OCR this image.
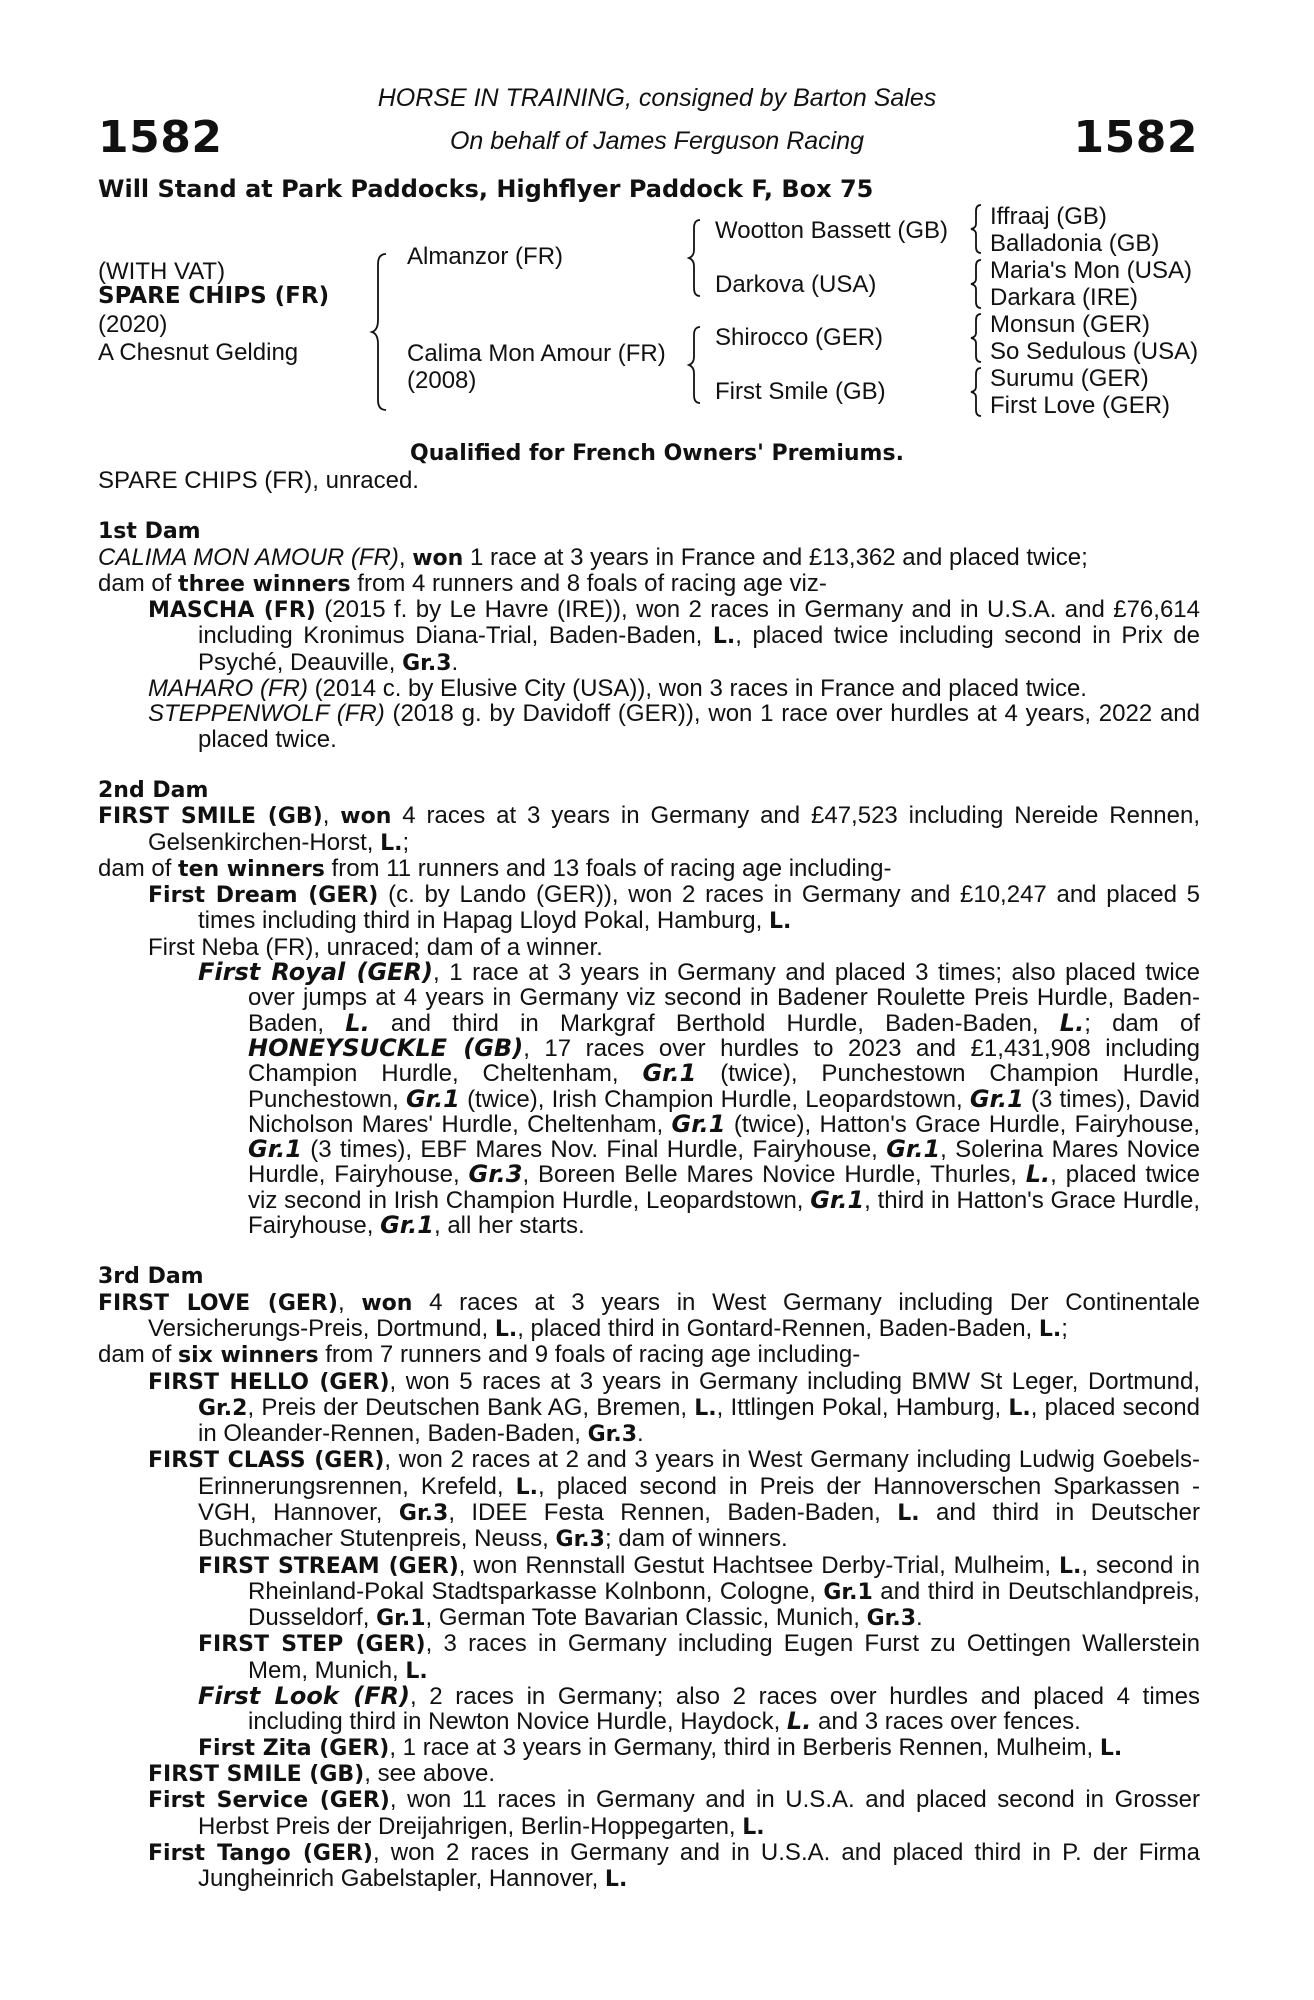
1582	1582
HORSE IN TRAINING, consigned by Barton Sales
On behalf of James Ferguson Racing
Will Stand at Park Paddocks, Highflyer Paddock F, Box 75
(WITH VAT)
SPARE CHIPS (FR)
(2020)
A Chesnut Gelding
Almanzor (FR)
Calima Mon Amour (FR)
(2008)
Wootton Bassett (GB)
Darkova (USA)
Shirocco (GER)
First Smile (GB)
Iffraaj (GB)
Balladonia (GB)
Maria's Mon (USA)
Darkara (IRE)
Monsun (GER)
So Sedulous (USA)
Surumu (GER)
First Love (GER)
Qualified for French Owners' Premiums.

SPARE CHIPS (FR), unraced.

1st Dam

CALIMA MON AMOUR (FR), won 1 race at 3 years in France and £13,362 and placed twice;

dam of three winners from 4 runners and 8 foals of racing age viz-

MASCHA (FR) (2015 f. by Le Havre (IRE)), won 2 races in Germany and in U.S.A. and £76,614 including Kronimus Diana-Trial, Baden-Baden, L., placed twice including second in Prix de Psyché, Deauville, Gr.3.

MAHARO (FR) (2014 c. by Elusive City (USA)), won 3 races in France and placed twice.

STEPPENWOLF (FR) (2018 g. by Davidoff (GER)), won 1 race over hurdles at 4 years, 2022 and placed twice.

2nd Dam

FIRST SMILE (GB), won 4 races at 3 years in Germany and £47,523 including Nereide Rennen, Gelsenkirchen-Horst, L.;

dam of ten winners from 11 runners and 13 foals of racing age including-

First Dream (GER) (c. by Lando (GER)), won 2 races in Germany and £10,247 and placed 5 times including third in Hapag Lloyd Pokal, Hamburg, L.

First Neba (FR), unraced; dam of a winner.

First Royal (GER), 1 race at 3 years in Germany and placed 3 times; also placed twice over jumps at 4 years in Germany viz second in Badener Roulette Preis Hurdle, Baden-Baden, L. and third in Markgraf Berthold Hurdle, Baden-Baden, L.; dam of HONEYSUCKLE (GB), 17 races over hurdles to 2023 and £1,431,908 including Champion Hurdle, Cheltenham, Gr.1 (twice), Punchestown Champion Hurdle, Punchestown, Gr.1 (twice), Irish Champion Hurdle, Leopardstown, Gr.1 (3 times), David Nicholson Mares' Hurdle, Cheltenham, Gr.1 (twice), Hatton's Grace Hurdle, Fairyhouse, Gr.1 (3 times), EBF Mares Nov. Final Hurdle, Fairyhouse, Gr.1, Solerina Mares Novice Hurdle, Fairyhouse, Gr.3, Boreen Belle Mares Novice Hurdle, Thurles, L., placed twice viz second in Irish Champion Hurdle, Leopardstown, Gr.1, third in Hatton's Grace Hurdle, Fairyhouse, Gr.1, all her starts.

3rd Dam

FIRST LOVE (GER), won 4 races at 3 years in West Germany including Der Continentale Versicherungs-Preis, Dortmund, L., placed third in Gontard-Rennen, Baden-Baden, L.;

dam of six winners from 7 runners and 9 foals of racing age including-

FIRST HELLO (GER), won 5 races at 3 years in Germany including BMW St Leger, Dortmund, Gr.2, Preis der Deutschen Bank AG, Bremen, L., Ittlingen Pokal, Hamburg, L., placed second in Oleander-Rennen, Baden-Baden, Gr.3.

FIRST CLASS (GER), won 2 races at 2 and 3 years in West Germany including Ludwig Goebels-Erinnerungsrennen, Krefeld, L., placed second in Preis der Hannoverschen Sparkassen - VGH, Hannover, Gr.3, IDEE Festa Rennen, Baden-Baden, L. and third in Deutscher Buchmacher Stutenpreis, Neuss, Gr.3; dam of winners.

FIRST STREAM (GER), won Rennstall Gestut Hachtsee Derby-Trial, Mulheim, L., second in Rheinland-Pokal Stadtsparkasse Kolnbonn, Cologne, Gr.1 and third in Deutschlandpreis, Dusseldorf, Gr.1, German Tote Bavarian Classic, Munich, Gr.3.

FIRST STEP (GER), 3 races in Germany including Eugen Furst zu Oettingen Wallerstein Mem, Munich, L.

First Look (FR), 2 races in Germany; also 2 races over hurdles and placed 4 times including third in Newton Novice Hurdle, Haydock, L. and 3 races over fences.

First Zita (GER), 1 race at 3 years in Germany, third in Berberis Rennen, Mulheim, L.

FIRST SMILE (GB), see above.

First Service (GER), won 11 races in Germany and in U.S.A. and placed second in Grosser Herbst Preis der Dreijahrigen, Berlin-Hoppegarten, L.

First Tango (GER), won 2 races in Germany and in U.S.A. and placed third in P. der Firma Jungheinrich Gabelstapler, Hannover, L.
